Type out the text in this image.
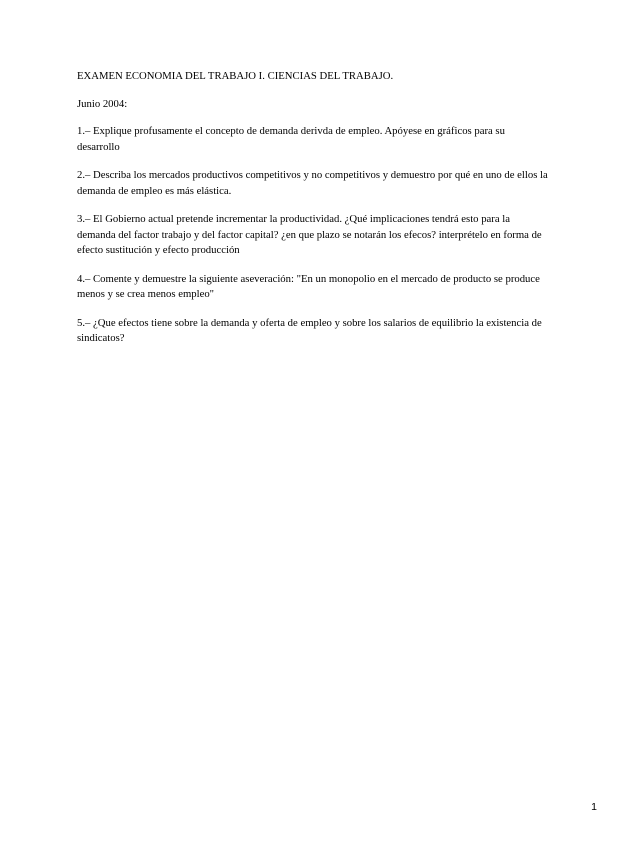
EXAMEN ECONOMIA DEL TRABAJO I. CIENCIAS DEL TRABAJO.
Junio 2004:
1.– Explique profusamente el concepto de demanda derivda de empleo. Apóyese en gráficos para su
desarrollo
2.– Describa los mercados productivos competitivos y no competitivos y demuestro por qué en uno de ellos la
demanda de empleo es más elástica.
3.– El Gobierno actual pretende incrementar la productividad. ¿Qué implicaciones tendrá esto para la
demanda del factor trabajo y del factor capital? ¿en que plazo se notarán los efecos? interprételo en forma de
efecto sustitución y efecto producción
4.– Comente y demuestre la siguiente aseveración: "En un monopolio en el mercado de producto se produce
menos y se crea menos empleo"
5.– ¿Que efectos tiene sobre la demanda y oferta de empleo y sobre los salarios de equilibrio la existencia de
sindicatos?
1
